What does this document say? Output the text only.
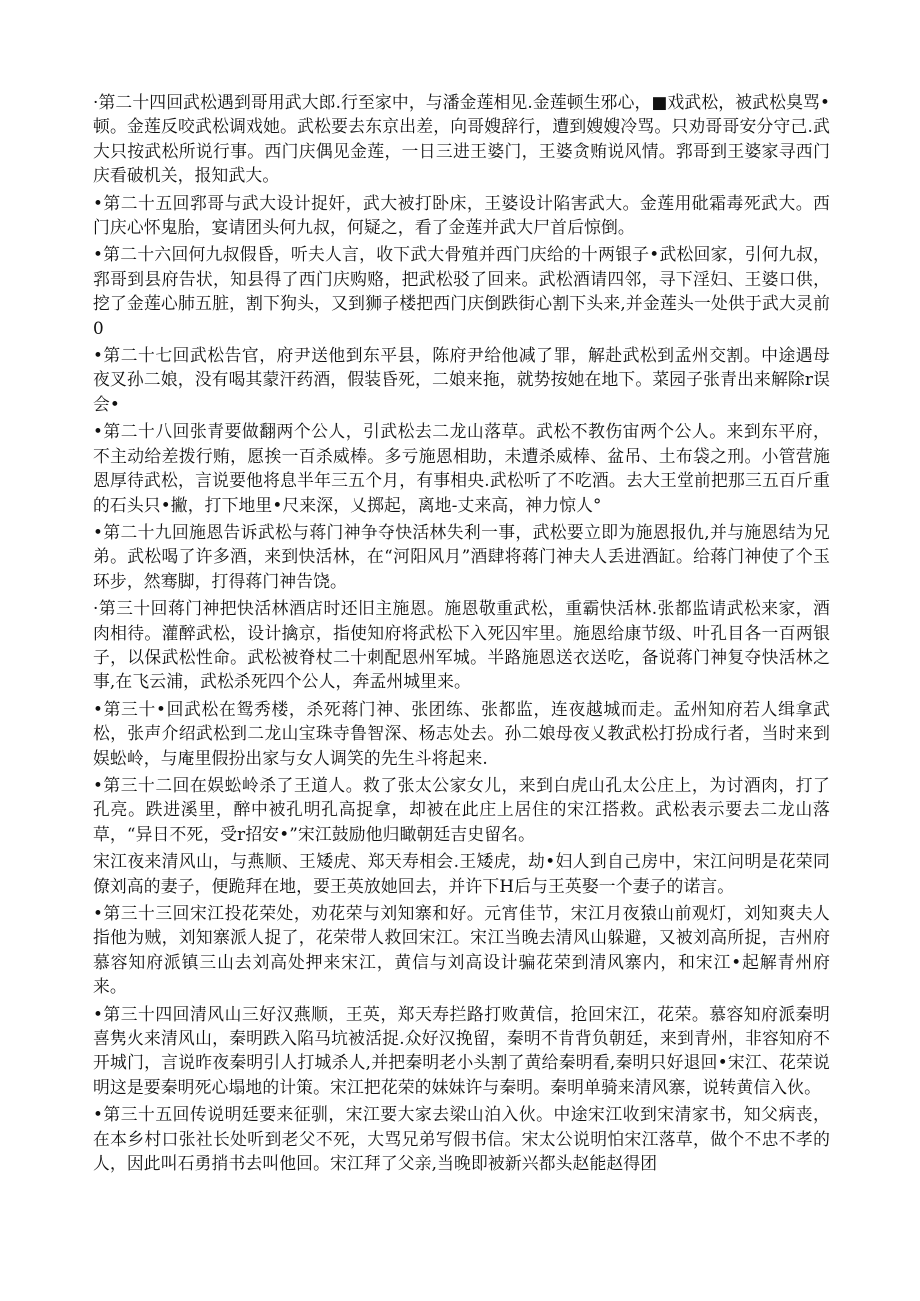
·第二十四回武松遇到哥用武大郎.行至家中，与潘金莲相见.金莲顿生邪心，■戏武松，被武松臭骂•顿。金莲反咬武松调戏她。武松要去东京出差，向哥嫂辞行，遭到嫂嫂冷骂。只劝哥哥安分守己.武大只按武松所说行事。西门庆偶见金莲，一日三进王婆门，王婆贪贿说风情。郛哥到王婆家寻西门庆看破机关，报知武大。

•第二十五回郛哥与武大设计捉奸，武大被打卧床，王婆设计陷害武大。金莲用砒霜毒死武大。西门庆心怀鬼胎，宴请团头何九叔，何疑之，看了金莲并武大尸首后惊倒。

•第二十六回何九叔假昏，听夫人言，收下武大骨殖并西门庆给的十两银子•武松回家，引何九叔，郛哥到县府告状，知县得了西门庆购赂，把武松驳了回来。武松酒请四邻，寻下淫妇、王婆口供，挖了金莲心肺五脏，割下狗头，又到狮子楼把西门庆倒跌街心割下头来,并金莲头一处供于武大灵前0

•第二十七回武松告官，府尹送他到东平县，陈府尹给他减了罪，解赴武松到孟州交割。中途遇母夜叉孙二娘，没有喝其蒙汗药酒，假装昏死，二娘来拖，就势按她在地下。菜园子张青出来解除r误会•

•第二十八回张青要做翻两个公人，引武松去二龙山落草。武松不教伤宙两个公人。来到东平府，不主动给差拨行贿，愿挨一百杀威棒。多亏施恩相助，未遭杀威棒、盆吊、土布袋之刑。小管营施恩厚待武松，言说要他将息半年三五个月，有事相央.武松听了不吃酒。去大王堂前把那三五百斤重的石头只•撇，打下地里•尺来深，乂掷起，离地-丈来高，神力惊人°

•第二十九回施恩告诉武松与蒋门神争夺快活林失利一事，武松要立即为施恩报仇,并与施恩结为兄弟。武松喝了许多酒，来到快活林，在“河阳风月”酒肆将蒋门神夫人丢进酒缸。给蒋门神使了个玉环步，然骞脚，打得蒋门神告饶。

·第三十回蒋门神把快活林酒店时还旧主施恩。施恩敬重武松，重霸快活林.张都监请武松来家，酒肉相待。灌醉武松，设计擒京，指使知府将武松下入死囚牢里。施恩给康节级、叶孔目各一百两银子，以保武松性命。武松被脊杖二十刺配恩州军城。半路施恩送衣送吃，备说蒋门神复夺快活林之事,在飞云浦，武松杀死四个公人，奔孟州城里来。

•第三十•回武松在鸳秀楼，杀死蒋门神、张团练、张都监，连夜越城而走。孟州知府若人缉拿武松，张声介绍武松到二龙山宝珠寺鲁智深、杨志处去。孙二娘母夜乂教武松打扮成行者，当时来到娱蚣岭，与庵里假扮出家与女人调笑的先生斗将起来.

•第三十二回在娱蚣岭杀了王道人。救了张太公家女儿，来到白虎山孔太公庄上，为讨酒肉，打了孔亮。跌进溪里，醉中被孔明孔高捉拿，却被在此庄上居住的宋江搭救。武松表示要去二龙山落草，“异日不死，受r招安•”宋江鼓励他归瞰朝廷吉史留名。

宋江夜来清风山，与燕顺、王矮虎、郑天寿相会.王矮虎，劫•妇人到自己房中，宋江问明是花荣同僚刘高的妻子，便跪拜在地，要王英放她回去，并许下H后与王英娶一个妻子的诺言。

•第三十三回宋江投花荣处，劝花荣与刘知寨和好。元宵佳节，宋江月夜猿山前观灯，刘知爽夫人指他为贼，刘知寨派人捉了，花荣带人救回宋江。宋江当晚去清风山躲避，又被刘高所捉，吉州府慕容知府派镇三山去刘高处押来宋江，黄信与刘高设计骗花荣到清风寨内，和宋江•起解青州府来。

•第三十四回清风山三好汉燕顺，王英，郑天寿拦路打败黄信，抢回宋江，花荣。慕容知府派秦明喜隽火来清风山，秦明跌入陷马坑被活捉.众好汉挽留，秦明不肯背负朝廷，来到青州，非容知府不开城门，言说昨夜秦明引人打城杀人,并把秦明老小头割了黄给秦明看,秦明只好退回•宋江、花荣说明这是要秦明死心塌地的计策。宋江把花荣的妹妹许与秦明。秦明单骑来清风寨，说转黄信入伙。

•第三十五回传说明廷要来征驯，宋江要大家去梁山泊入伙。中途宋江收到宋清家书，知父病丧，在本乡村口张社长处听到老父不死，大骂兄弟写假书信。宋太公说明怕宋江落草，做个不忠不孝的人，因此叫石勇捎书去叫他回。宋江拜了父亲,当晚即被新兴都头赵能赵得团
